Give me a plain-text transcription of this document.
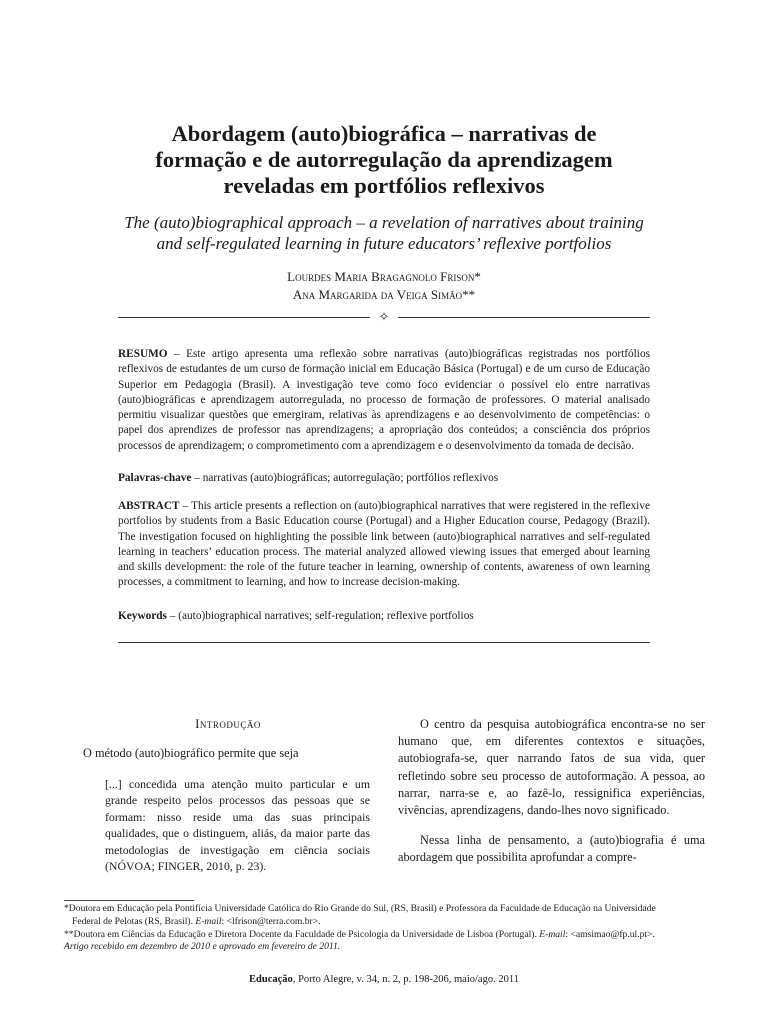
Abordagem (auto)biográfica – narrativas de
formação e de autorregulação da aprendizagem
reveladas em portfólios reflexivos
The (auto)biographical approach – a revelation of narratives about training
and self-regulated learning in future educators’ reflexive portfolios
Lourdes Maria Bragagnolo Frison*
Ana Margarida da Veiga Simão**
✧
RESUMO – Este artigo apresenta uma reflexão sobre narrativas (auto)biográficas registradas nos portfólios reflexivos de estudantes de um curso de formação inicial em Educação Básica (Portugal) e de um curso de Educação Superior em Pedagogia (Brasil). A investigação teve como foco evidenciar o possível elo entre narrativas (auto)biográficas e aprendizagem autorregulada, no processo de formação de professores. O material analisado permitiu visualizar questões que emergiram, relativas às aprendizagens e ao desenvolvimento de competências: o papel dos aprendizes de professor nas aprendizagens; a apropriação dos conteúdos; a consciência dos próprios processos de aprendizagem; o comprometimento com a aprendizagem e o desenvolvimento da tomada de decisão.
Palavras-chave – narrativas (auto)biográficas; autorregulação; portfólios reflexivos
ABSTRACT – This article presents a reflection on (auto)biographical narratives that were registered in the reflexive portfolios by students from a Basic Education course (Portugal) and a Higher Education course, Pedagogy (Brazil). The investigation focused on highlighting the possible link between (auto)biographical narratives and self-regulated learning in teachers’ education process. The material analyzed allowed viewing issues that emerged about learning and skills development: the role of the future teacher in learning, ownership of contents, awareness of own learning processes, a commitment to learning, and how to increase decision-making.
Keywords – (auto)biographical narratives; self-regulation; reflexive portfolios
Introdução
O método (auto)biográfico permite que seja
[...] concedida uma atenção muito particular e um grande respeito pelos processos das pessoas que se formam: nisso reside uma das suas principais qualidades, que o distinguem, aliás, da maior parte das metodologias de investigação em ciência sociais (NÓVOA; FINGER, 2010, p. 23).
O centro da pesquisa autobiográfica encontra-se no ser humano que, em diferentes contextos e situações, autobiografa-se, quer narrando fatos de sua vida, quer refletindo sobre seu processo de autoformação. A pessoa, ao narrar, narra-se e, ao fazê-lo, ressignifica experiências, vivências, aprendizagens, dando-lhes novo significado.
Nessa linha de pensamento, a (auto)biografia é uma abordagem que possibilita aprofundar a compre-
*Doutora em Educação pela Pontifícia Universidade Católica do Rio Grande do Sul, (RS, Brasil) e Professora da Faculdade de Educação na Universidade
Federal de Pelotas (RS, Brasil). E-mail: <lfrison@terra.com.br>.
**Doutora em Ciências da Educação e Diretora Docente da Faculdade de Psicologia da Universidade de Lisboa (Portugal). E-mail: <amsimao@fp.ul.pt>.
Artigo recebido em dezembro de 2010 e aprovado em fevereiro de 2011.
Educação, Porto Alegre, v. 34, n. 2, p. 198-206, maio/ago. 2011
